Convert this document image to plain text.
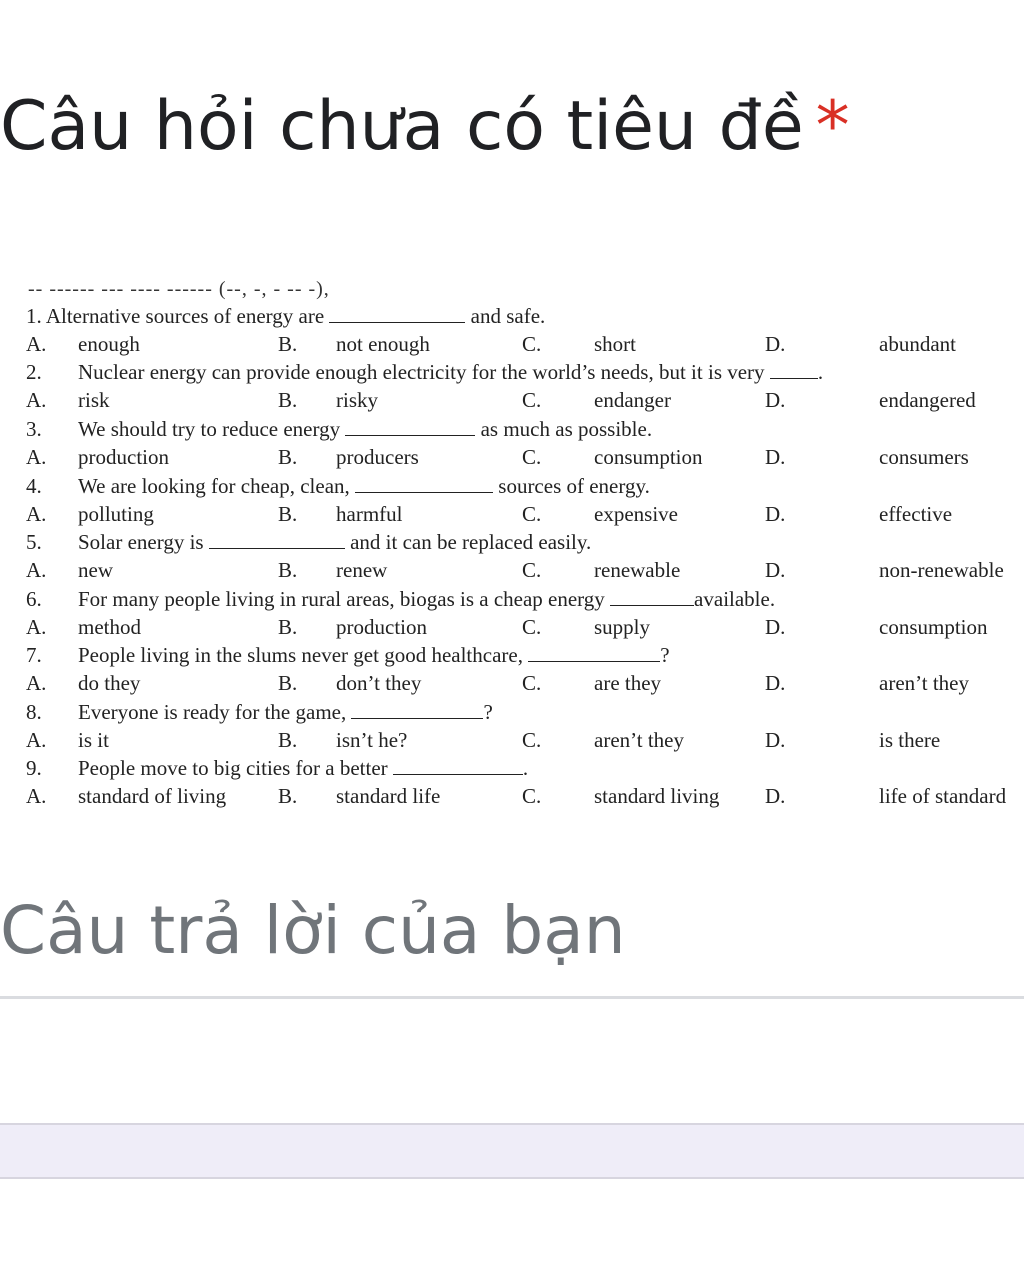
Câu hỏi chưa có tiêu đề *
-- ------ --- ---- ------ (--, -, - -- -),
1. Alternative sources of energy are	and safe.
A. enough	B. not enough	C.	short	D.	abundant
2. Nuclear energy can provide enough electricity for the world’s needs, but it is very	.
A. risk	B. risky	C.	endanger	D.	endangered
3. We should try to reduce energy	as much as possible.
A. production	B. producers	C.	consumption	D.	consumers
4. We are looking for cheap, clean,	sources of energy.
A. polluting	B. harmful	C.	expensive	D.	effective
5. Solar energy is	and it can be replaced easily.
A. new	B. renew	C.	renewable	D.	non-renewable
6. For many people living in rural areas, biogas is a cheap energy	available.
A. method	B. production	C.	supply	D.	consumption
7. People living in the slums never get good healthcare,	?
A. do they	B. don’t they	C.	are they	D.	aren’t they
8. Everyone is ready for the game,	?
A. is it	B. isn’t he?	C.	aren’t they	D.	is there
9. People move to big cities for a better	.
A. standard of living B. standard life	C.	standard living D.	life of standard
Câu trả lời của bạn
